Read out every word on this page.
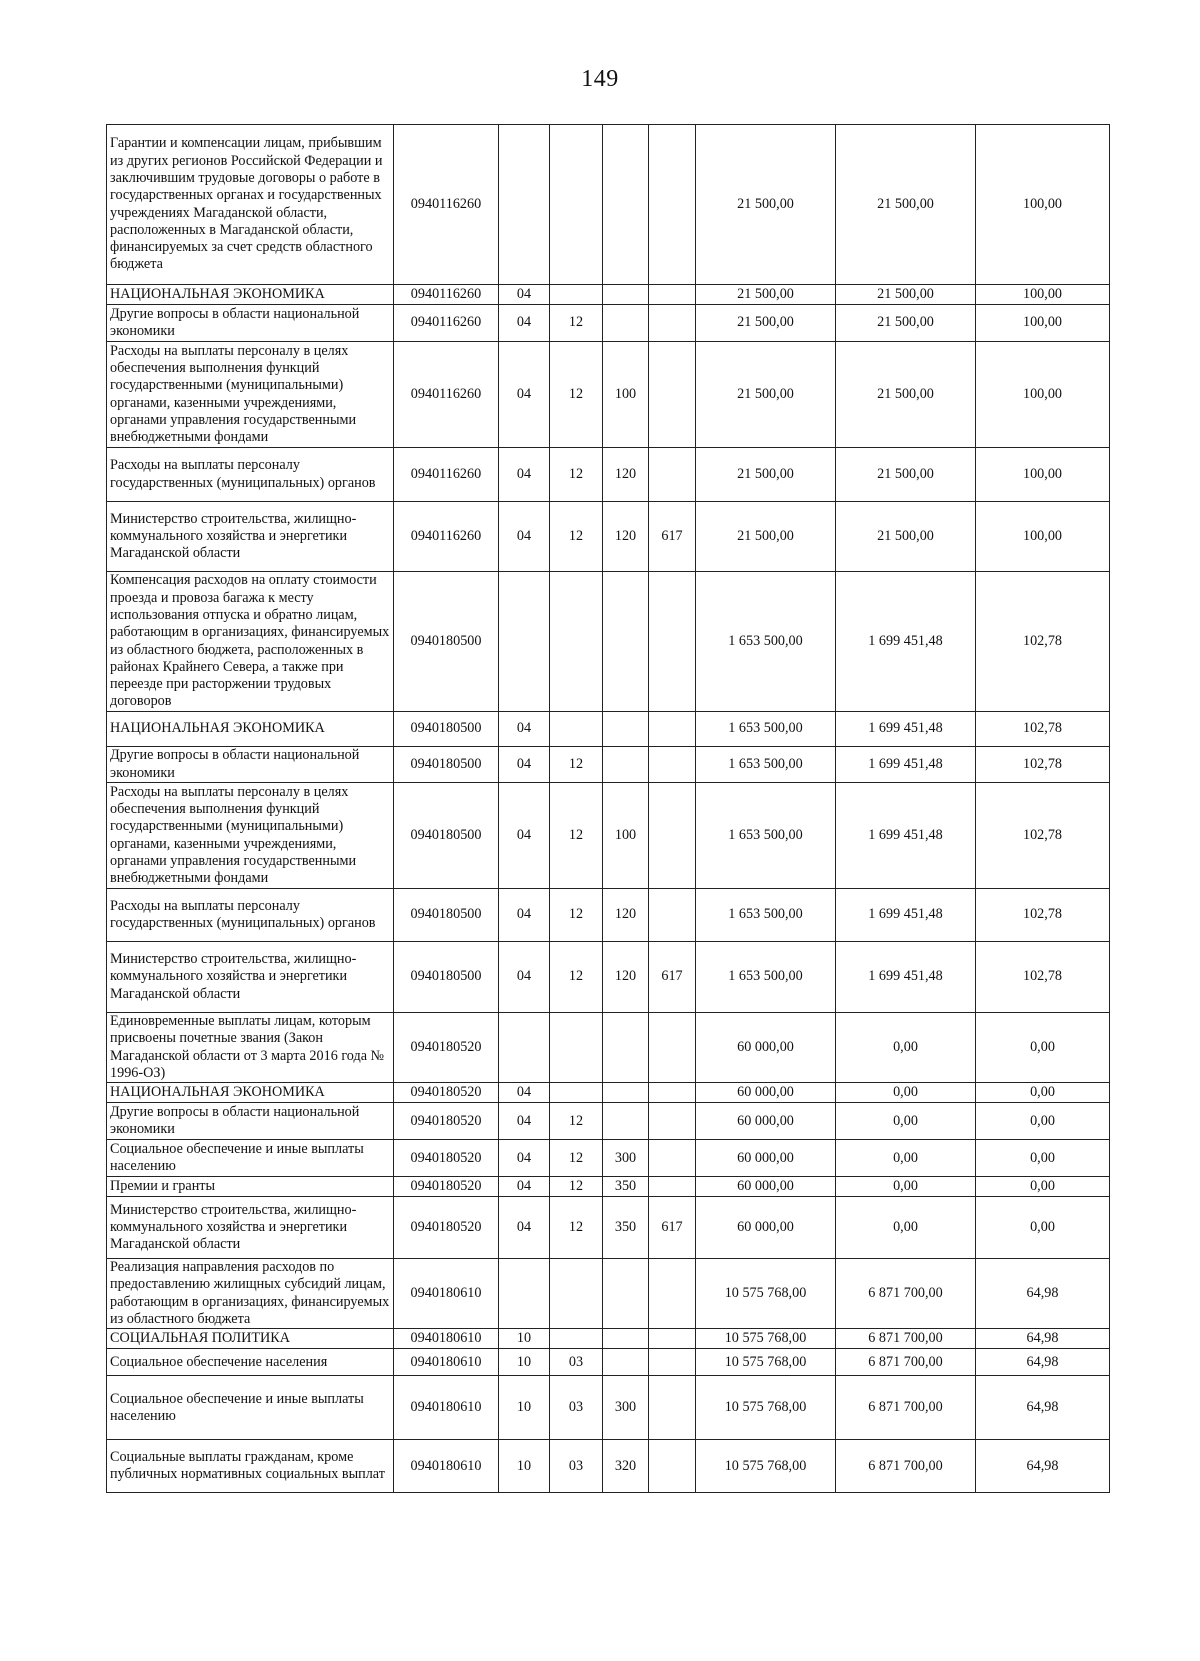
149
Гарантии и компенсации лицам, прибывшим из других регионов Российской Федерации и заключившим трудовые договоры о работе в государственных органах и государственных учреждениях Магаданской области, расположенных в Магаданской области, финансируемых за счет средств областного бюджета	0940116260					21 500,00	21 500,00	100,00
НАЦИОНАЛЬНАЯ ЭКОНОМИКА	0940116260	04				21 500,00	21 500,00	100,00
Другие вопросы в области национальной экономики	0940116260	04	12			21 500,00	21 500,00	100,00
Расходы на выплаты персоналу в целях обеспечения выполнения функций государственными (муниципальными) органами, казенными учреждениями, органами управления государственными внебюджетными фондами	0940116260	04	12	100		21 500,00	21 500,00	100,00
Расходы на выплаты персоналу государственных (муниципальных) органов	0940116260	04	12	120		21 500,00	21 500,00	100,00
Министерство строительства, жилищно-коммунального хозяйства и энергетики Магаданской области	0940116260	04	12	120	617	21 500,00	21 500,00	100,00
Компенсация расходов на оплату стоимости проезда и провоза багажа к месту использования отпуска и обратно лицам, работающим в организациях, финансируемых из областного бюджета, расположенных в районах Крайнего Севера, а также при переезде при расторжении трудовых договоров	0940180500					1 653 500,00	1 699 451,48	102,78
НАЦИОНАЛЬНАЯ ЭКОНОМИКА	0940180500	04				1 653 500,00	1 699 451,48	102,78
Другие вопросы в области национальной экономики	0940180500	04	12			1 653 500,00	1 699 451,48	102,78
Расходы на выплаты персоналу в целях обеспечения выполнения функций государственными (муниципальными) органами, казенными учреждениями, органами управления государственными внебюджетными фондами	0940180500	04	12	100		1 653 500,00	1 699 451,48	102,78
Расходы на выплаты персоналу государственных (муниципальных) органов	0940180500	04	12	120		1 653 500,00	1 699 451,48	102,78
Министерство строительства, жилищно-коммунального хозяйства и энергетики Магаданской области	0940180500	04	12	120	617	1 653 500,00	1 699 451,48	102,78
Единовременные выплаты лицам, которым присвоены почетные звания (Закон Магаданской области от 3 марта 2016 года № 1996-ОЗ)	0940180520					60 000,00	0,00	0,00
НАЦИОНАЛЬНАЯ ЭКОНОМИКА	0940180520	04				60 000,00	0,00	0,00
Другие вопросы в области национальной экономики	0940180520	04	12			60 000,00	0,00	0,00
Социальное обеспечение и иные выплаты населению	0940180520	04	12	300		60 000,00	0,00	0,00
Премии и гранты	0940180520	04	12	350		60 000,00	0,00	0,00
Министерство строительства, жилищно-коммунального хозяйства и энергетики Магаданской области	0940180520	04	12	350	617	60 000,00	0,00	0,00
Реализация направления расходов по предоставлению жилищных субсидий лицам, работающим в организациях, финансируемых из областного бюджета	0940180610					10 575 768,00	6 871 700,00	64,98
СОЦИАЛЬНАЯ ПОЛИТИКА	0940180610	10				10 575 768,00	6 871 700,00	64,98
Социальное обеспечение населения	0940180610	10	03			10 575 768,00	6 871 700,00	64,98
Социальное обеспечение и иные выплаты населению	0940180610	10	03	300		10 575 768,00	6 871 700,00	64,98
Социальные выплаты гражданам, кроме публичных нормативных социальных выплат	0940180610	10	03	320		10 575 768,00	6 871 700,00	64,98
